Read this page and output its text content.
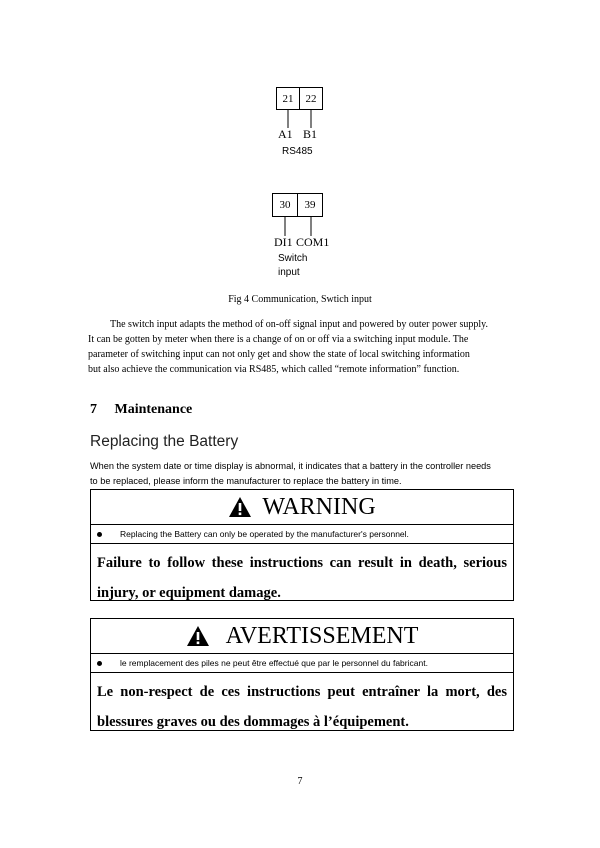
21	22
A1 B1
RS485
30	39
DI1 COM1
Switch
input
Fig 4 Communication, Swtich input

The switch input adapts the method of on-off signal input and powered by outer power supply.

It can be gotten by meter when there is a change of on or off via a switching input module. The

parameter of switching input can not only get and show the state of local switching information

but also achieve the communication via RS485, which called “remote information” function.

7 Maintenance
Replacing the Battery
When the system date or time display is abnormal, it indicates that a battery in the controller needs
to be replaced, please inform the manufacturer to replace the battery in time.
WARNING
Replacing the Battery can only be operated by the manufacturer's personnel.
Failure to follow these instructions can result in death, serious
injury, or equipment damage.
AVERTISSEMENT
le remplacement des piles ne peut être effectué que par le personnel du fabricant.
Le non-respect de ces instructions peut entraîner la mort, des
blessures graves ou des dommages à l’équipement.
7
